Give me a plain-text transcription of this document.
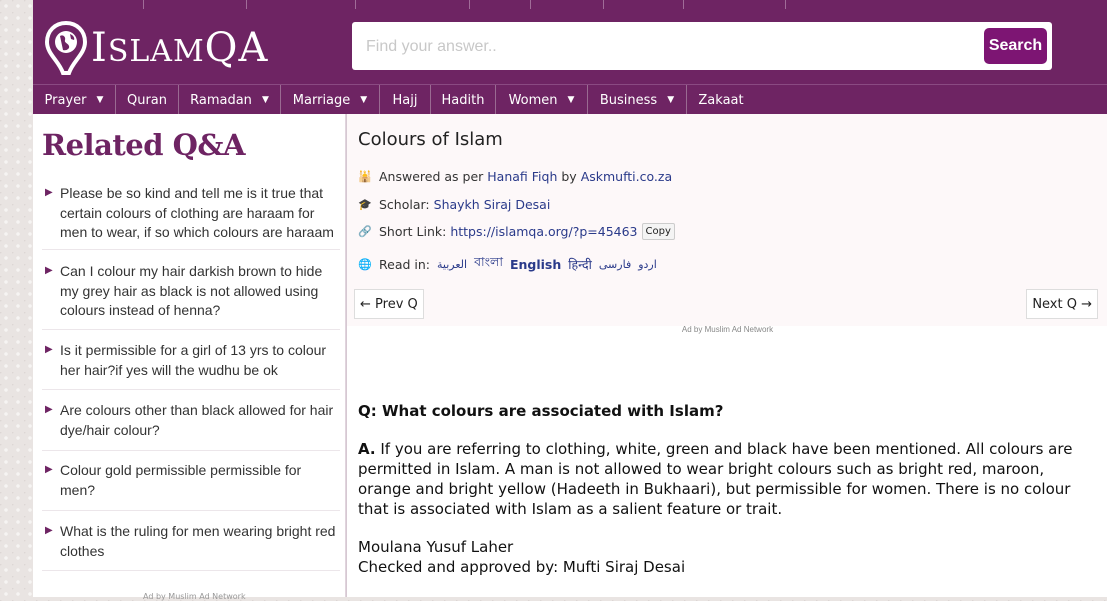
ISLAMQA
Find your answer..	Search
Prayer ▼ Quran Ramadan ▼ Marriage ▼ Hajj Hadith Women ▼ Business ▼ Zakaat
Related Q&A
▶ Please be so kind and tell me is it true that certain colours of clothing are haraam for men to wear, if so which colours are haraam
▶ Can I colour my hair darkish brown to hide my grey hair as black is not allowed using colours instead of henna?
▶ Is it permissible for a girl of 13 yrs to colour her hair?if yes will the wudhu be ok
▶ Are colours other than black allowed for hair dye/hair colour?
▶ Colour gold permissible permissible for men?
▶ What is the ruling for men wearing bright red clothes
Ad by Muslim Ad Network
Colours of Islam
🕌 Answered as per
Hanafi Fiqh
by
Askmufti.co.za
🎓 Scholar:
Shaykh Siraj Desai
🔗 Short Link:
https://islamqa.org/?p=45463 Copy
🌐 Read in: العربية বাংলা English हिन्दी فارسی اردو
← Prev Q	Next Q →
Ad by Muslim Ad Network
Q: What colours are associated with Islam?
A. If you are referring to clothing, white, green and black have been mentioned. All colours are permitted in Islam. A man is not allowed to wear bright colours such as bright red, maroon, orange and bright yellow (Hadeeth in Bukhaari), but permissible for women. There is no colour that is associated with Islam as a salient feature or trait.
Moulana Yusuf Laher
Checked and approved by: Mufti Siraj Desai
